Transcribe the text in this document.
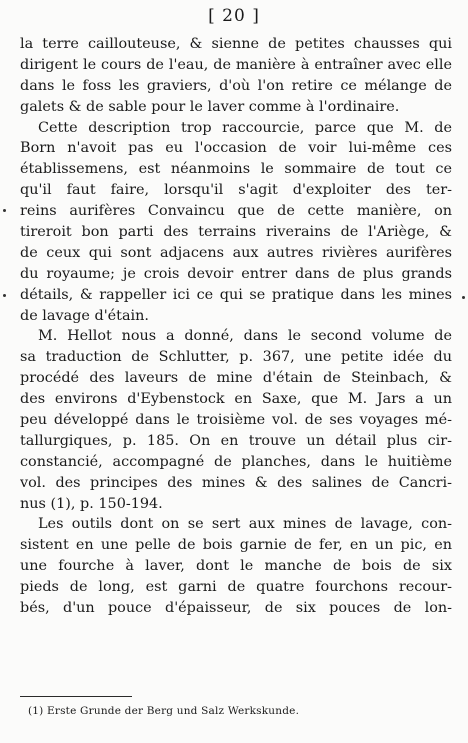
[ 20 ]
la terre caillouteuse, & sienne de petites chausses qui
dirigent le cours de l'eau, de manière à entraîner avec elle
dans le foss les graviers, d'où l'on retire ce mélange de
galets & de sable pour le laver comme à l'ordinaire.
Cette description trop raccourcie, parce que M. de
Born n'avoit pas eu l'occasion de voir lui-même ces
établissemens, est néanmoins le sommaire de tout ce
qu'il faut faire, lorsqu'il s'agit d'exploiter des ter-
reins aurifères Convaincu que de cette manière, on
tireroit bon parti des terrains riverains de l'Ariège, &
de ceux qui sont adjacens aux autres rivières aurifères
du royaume; je crois devoir entrer dans de plus grands
détails, & rappeller ici ce qui se pratique dans les mines
de lavage d'étain.
M. Hellot nous a donné, dans le second volume de
sa traduction de Schlutter, p. 367, une petite idée du
procédé des laveurs de mine d'étain de Steinbach, &
des environs d'Eybenstock en Saxe, que M. Jars a un
peu développé dans le troisième vol. de ses voyages mé-
tallurgiques, p. 185. On en trouve un détail plus cir-
constancié, accompagné de planches, dans le huitième
vol. des principes des mines & des salines de Cancri-
nus (1), p. 150-194.
Les outils dont on se sert aux mines de lavage, con-
sistent en une pelle de bois garnie de fer, en un pic, en
une fourche à laver, dont le manche de bois de six
pieds de long, est garni de quatre fourchons recour-
bés, d'un pouce d'épaisseur, de six pouces de lon-
(1) Erste Grunde der Berg und Salz Werkskunde.
